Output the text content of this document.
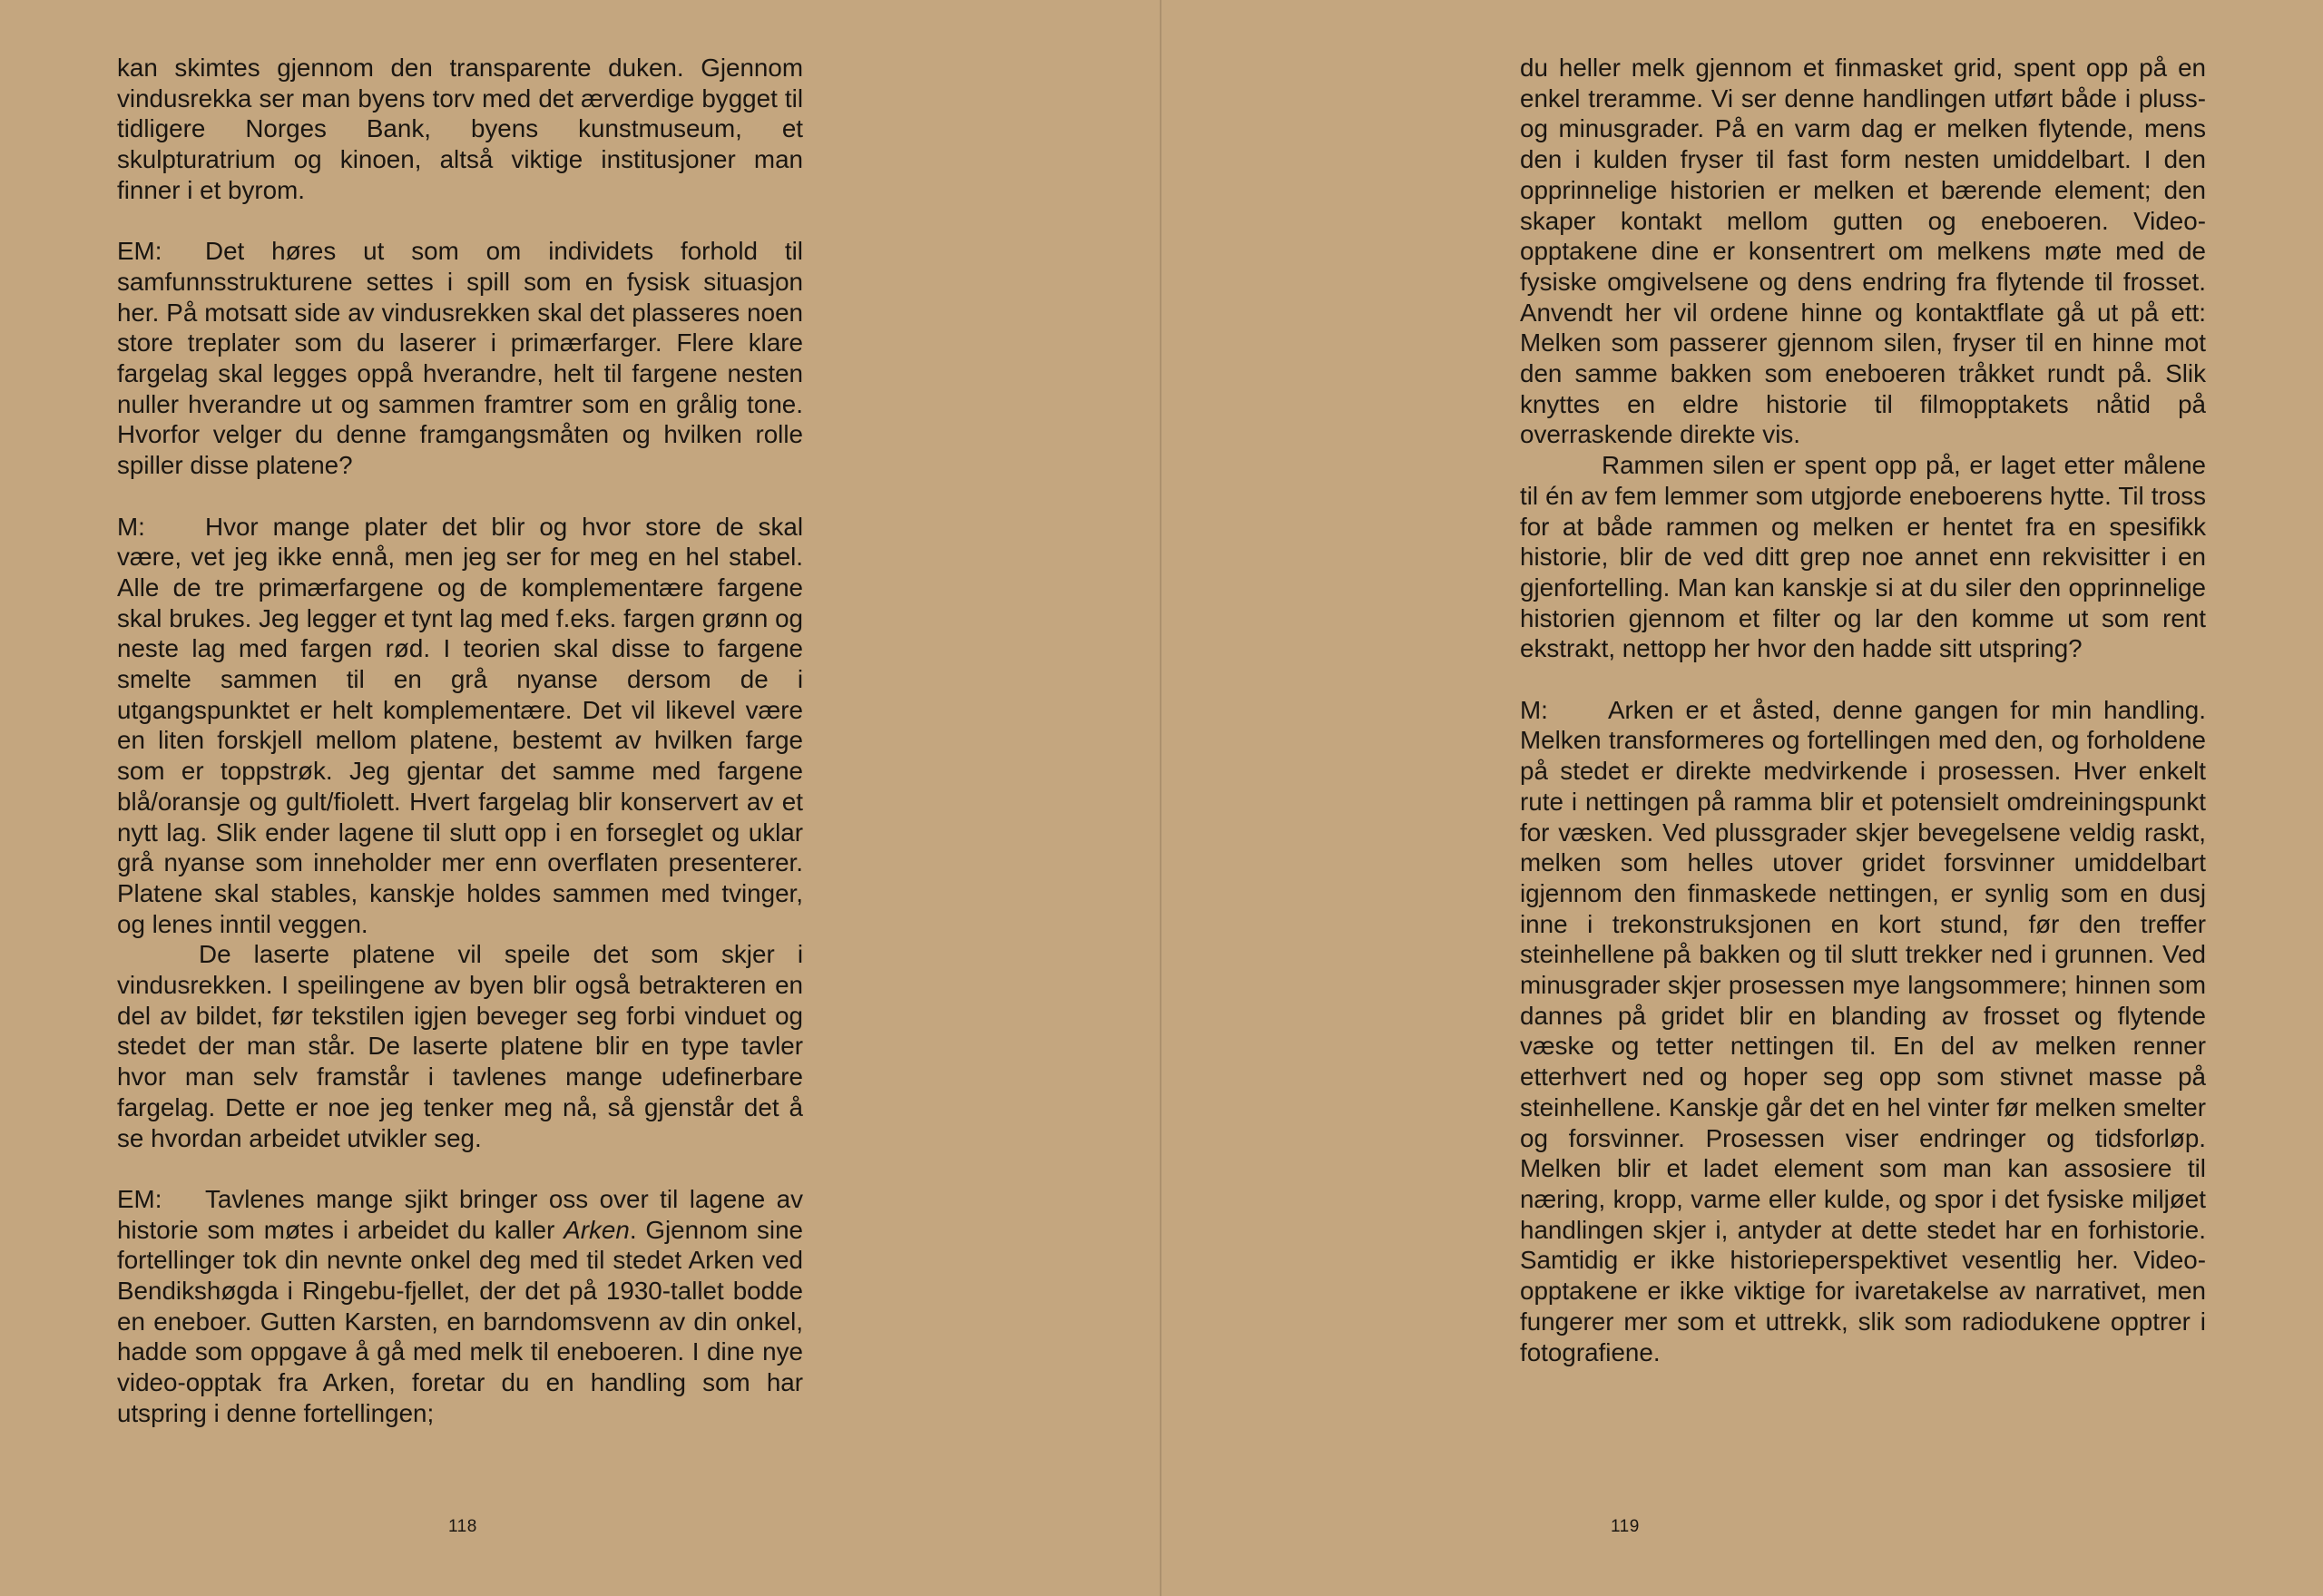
kan skimtes gjennom den transparente duken. Gjennom vindusrekka ser man byens torv med det ærverdige bygget til tidligere Norges Bank, byens kunstmuseum, et skulpturatrium og kinoen, altså viktige institusjoner man finner i et byrom.

EM: Det høres ut som om individets forhold til samfunnsstrukturene settes i spill som en fysisk situasjon her. På motsatt side av vindusrekken skal det plasseres noen store treplater som du laserer i primærfarger. Flere klare fargelag skal legges oppå hverandre, helt til fargene nesten nuller hverandre ut og sammen framtrer som en grålig tone. Hvorfor velger du denne framgangsmåten og hvilken rolle spiller disse platene?

M: Hvor mange plater det blir og hvor store de skal være, vet jeg ikke ennå, men jeg ser for meg en hel stabel. Alle de tre primærfargene og de komplementære fargene skal brukes. Jeg legger et tynt lag med f.eks. fargen grønn og neste lag med fargen rød. I teorien skal disse to fargene smelte sammen til en grå nyanse dersom de i utgangspunktet er helt komplementære. Det vil likevel være en liten forskjell mellom platene, bestemt av hvilken farge som er toppstrøk. Jeg gjentar det samme med fargene blå/oransje og gult/fiolett. Hvert fargelag blir konservert av et nytt lag. Slik ender lagene til slutt opp i en forseglet og uklar grå nyanse som inneholder mer enn overflaten presenterer. Platene skal stables, kanskje holdes sammen med tvinger, og lenes inntil veggen.

De laserte platene vil speile det som skjer i vindusrekken. I speilingene av byen blir også betrakteren en del av bildet, før tekstilen igjen beveger seg forbi vinduet og stedet der man står. De laserte platene blir en type tavler hvor man selv framstår i tavlenes mange udefinerbare fargelag. Dette er noe jeg tenker meg nå, så gjenstår det å se hvordan arbeidet utvikler seg.

EM: Tavlenes mange sjikt bringer oss over til lagene av historie som møtes i arbeidet du kaller Arken. Gjennom sine fortellinger tok din nevnte onkel deg med til stedet Arken ved Bendikshøgda i Ringebu-fjellet, der det på 1930-tallet bodde en eneboer. Gutten Karsten, en barndomsvenn av din onkel, hadde som oppgave å gå med melk til eneboeren. I dine nye video-opptak fra Arken, foretar du en handling som har utspring i denne fortellingen;

118

du heller melk gjennom et finmasket grid, spent opp på en enkel treramme. Vi ser denne handlingen utført både i pluss- og minusgrader. På en varm dag er melken flytende, mens den i kulden fryser til fast form nesten umiddelbart. I den opprinnelige historien er melken et bærende element; den skaper kontakt mellom gutten og eneboeren. Video-opptakene dine er konsentrert om melkens møte med de fysiske omgivelsene og dens endring fra flytende til frosset. Anvendt her vil ordene hinne og kontaktflate gå ut på ett: Melken som passerer gjennom silen, fryser til en hinne mot den samme bakken som eneboeren tråkket rundt på. Slik knyttes en eldre historie til filmopptakets nåtid på overraskende direkte vis.

Rammen silen er spent opp på, er laget etter målene til én av fem lemmer som utgjorde eneboerens hytte. Til tross for at både rammen og melken er hentet fra en spesifikk historie, blir de ved ditt grep noe annet enn rekvisitter i en gjenfortelling. Man kan kanskje si at du siler den opprinnelige historien gjennom et filter og lar den komme ut som rent ekstrakt, nettopp her hvor den hadde sitt utspring?

M: Arken er et åsted, denne gangen for min handling. Melken transformeres og fortellingen med den, og forholdene på stedet er direkte medvirkende i prosessen. Hver enkelt rute i nettingen på ramma blir et potensielt omdreiningspunkt for væsken. Ved plussgrader skjer bevegelsene veldig raskt, melken som helles utover gridet forsvinner umiddelbart igjennom den finmaskede nettingen, er synlig som en dusj inne i trekonstruksjonen en kort stund, før den treffer steinhellene på bakken og til slutt trekker ned i grunnen. Ved minusgrader skjer prosessen mye langsommere; hinnen som dannes på gridet blir en blanding av frosset og flytende væske og tetter nettingen til. En del av melken renner etterhvert ned og hoper seg opp som stivnet masse på steinhellene. Kanskje går det en hel vinter før melken smelter og forsvinner. Prosessen viser endringer og tidsforløp. Melken blir et ladet element som man kan assosiere til næring, kropp, varme eller kulde, og spor i det fysiske miljøet handlingen skjer i, antyder at dette stedet har en forhistorie. Samtidig er ikke historieperspektivet vesentlig her. Video-opptakene er ikke viktige for ivaretakelse av narrativet, men fungerer mer som et uttrekk, slik som radiodukene opptrer i fotografiene.

119
